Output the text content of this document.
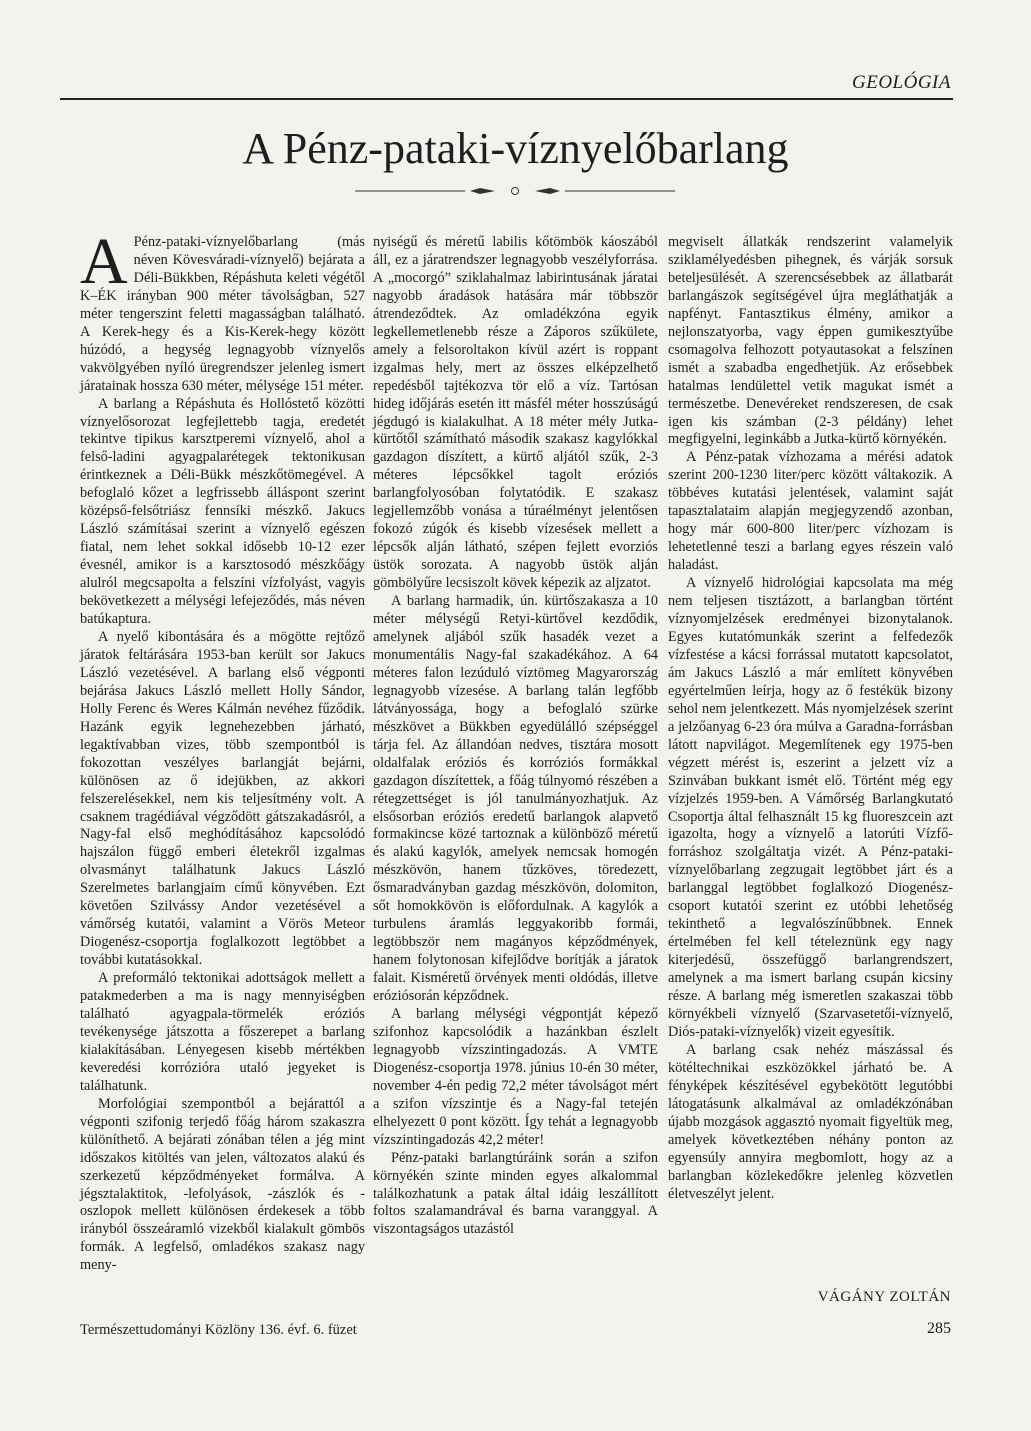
GEOLÓGIA
A Pénz-pataki-víznyelőbarlang

A Pénz-pataki-víznyelőbarlang (más néven Kövesváradi-víznyelő) bejárata a Déli-Bükkben, Répáshuta keleti végétől K–ÉK irányban 900 méter távolságban, 527 méter tengerszint feletti magasságban található. A Kerek-hegy és a Kis-Kerek-hegy között húzódó, a hegység legnagyobb víznyelős vakvölgyében nyíló üregrendszer jelenleg ismert járatainak hossza 630 méter, mélysége 151 méter.

A barlang a Répáshuta és Hollóstető közötti víznyelősorozat legfejlettebb tagja, eredetét tekintve tipikus karsztperemi víznyelő, ahol a felső-ladini agyagpalarétegek tektonikusan érintkeznek a Déli-Bükk mészkőtömegével. A befoglaló kőzet a legfrissebb álláspont szerint középső-felsőtriász fennsíki mészkő. Jakucs László számításai szerint a víznyelő egészen fiatal, nem lehet sokkal idősebb 10-12 ezer évesnél, amikor is a karsztosodó mészkőágy alulról megcsapolta a felszíni vízfolyást, vagyis bekövetkezett a mélységi lefejeződés, más néven batúkaptura.

A nyelő kibontására és a mögötte rejtőző járatok feltárására 1953-ban került sor Jakucs László vezetésével. A barlang első végponti bejárása Jakucs László mellett Holly Sándor, Holly Ferenc és Weres Kálmán nevéhez fűződik. Hazánk egyik legnehezebben járható, legaktívabban vizes, több szempontból is fokozottan veszélyes barlangját bejárni, különösen az ő idejükben, az akkori felszerelésekkel, nem kis teljesítmény volt. A csaknem tragédiával végződött gátszakadásról, a Nagy-fal első meghódításához kapcsolódó hajszálon függő emberi életekről izgalmas olvasmányt találhatunk Jakucs László Szerelmetes barlangjaim című könyvében. Ezt követően Szilvássy Andor vezetésével a vámőrség kutatói, valamint a Vörös Meteor Diogenész-csoportja foglalkozott legtöbbet a további kutatásokkal.

A preformáló tektonikai adottságok mellett a patakmederben a ma is nagy mennyiségben található agyagpala-törmelék eróziós tevékenysége játszotta a főszerepet a barlang kialakításában. Lényegesen kisebb mértékben keveredési korrózióra utaló jegyeket is találhatunk.

Morfológiai szempontból a bejárattól a végponti szifonig terjedő főág három szakaszra különíthető. A bejárati zónában télen a jég mint időszakos kitöltés van jelen, változatos alakú és szerkezetű képződményeket formálva. A jégsztalaktitok, -lefolyások, -zászlók és -oszlopok mellett különösen érdekesek a több irányból összeáramló vizekből kialakult gömbös formák. A legfelső, omladékos szakasz nagy meny-

nyiségű és méretű labilis kőtömbök káoszából áll, ez a járatrendszer legnagyobb veszélyforrása. A „mocorgó” sziklahalmaz labirintusának járatai nagyobb áradások hatására már többször átrendeződtek. Az omladékzóna egyik legkellemetlenebb része a Záporos szűkülete, amely a felsoroltakon kívül azért is roppant izgalmas hely, mert az összes elképzelhető repedésből tajtékozva tör elő a víz. Tartósan hideg időjárás esetén itt másfél méter hosszúságú jégdugó is kialakulhat. A 18 méter mély Jutka-kürtőtől számítható második szakasz kagylókkal gazdagon díszített, a kürtő aljától szűk, 2-3 méteres lépcsőkkel tagolt eróziós barlangfolyosóban folytatódik. E szakasz legjellemzőbb vonása a túraélményt jelentősen fokozó zúgók és kisebb vízesések mellett a lépcsők alján látható, szépen fejlett evorziós üstök sorozata. A nagyobb üstök alján gömbölyűre lecsiszolt kövek képezik az aljzatot.

A barlang harmadik, ún. kürtőszakasza a 10 méter mélységű Retyi-kürtővel kezdődik, amelynek aljából szűk hasadék vezet a monumentális Nagy-fal szakadékához. A 64 méteres falon lezúduló víztömeg Magyarország legnagyobb vízesése. A barlang talán legfőbb látványossága, hogy a befoglaló szürke mészkövet a Bükkben egyedülálló szépséggel tárja fel. Az állandóan nedves, tisztára mosott oldalfalak eróziós és korróziós formákkal gazdagon díszítettek, a főág túlnyomó részében a rétegzettséget is jól tanulmányozhatjuk. Az elsősorban eróziós eredetű barlangok alapvető formakincse közé tartoznak a különböző méretű és alakú kagylók, amelyek nemcsak homogén mészkövön, hanem tűzköves, töredezett, ősmaradványban gazdag mészkövön, dolomiton, sőt homokkövön is előfordulnak. A kagylók a turbulens áramlás leggyakoribb formái, legtöbbször nem magányos képződmények, hanem folytonosan kifejlődve borítják a járatok falait. Kisméretű örvények menti oldódás, illetve eróziósorán képződnek.

A barlang mélységi végpontját képező szifonhoz kapcsolódik a hazánkban észlelt legnagyobb vízszintingadozás. A VMTE Diogenész-csoportja 1978. június 10-én 30 méter, november 4-én pedig 72,2 méter távolságot mért a szifon vízszintje és a Nagy-fal tetején elhelyezett 0 pont között. Így tehát a legnagyobb vízszintingadozás 42,2 méter!

Pénz-pataki barlangtúráink során a szifon környékén szinte minden egyes alkalommal találkozhatunk a patak által idáig leszállított foltos szalamandrával és barna varanggyal. A viszontagságos utazástól

megviselt állatkák rendszerint valamelyik sziklamélyedésben pihegnek, és várják sorsuk beteljesülését. A szerencsésebbek az állatbarát barlangászok segítségével újra megláthatják a napfényt. Fantasztikus élmény, amikor a nejlonszatyorba, vagy éppen gumikesztyűbe csomagolva felhozott potyautasokat a felszínen ismét a szabadba engedhetjük. Az erősebbek hatalmas lendülettel vetik magukat ismét a természetbe. Denevéreket rendszeresen, de csak igen kis számban (2-3 példány) lehet megfigyelni, leginkább a Jutka-kürtő környékén.

A Pénz-patak vízhozama a mérési adatok szerint 200-1230 liter/perc között váltakozik. A többéves kutatási jelentések, valamint saját tapasztalataim alapján megjegyzendő azonban, hogy már 600-800 liter/perc vízhozam is lehetetlenné teszi a barlang egyes részein való haladást.

A víznyelő hidrológiai kapcsolata ma még nem teljesen tisztázott, a barlangban történt víznyomjelzések eredményei bizonytalanok. Egyes kutatómunkák szerint a felfedezők vízfestése a kácsi forrással mutatott kapcsolatot, ám Jakucs László a már említett könyvében egyértelműen leírja, hogy az ő festékük bizony sehol nem jelentkezett. Más nyomjelzések szerint a jelzőanyag 6-23 óra múlva a Garadna-forrásban látott napvilágot. Megemlítenek egy 1975-ben végzett mérést is, eszerint a jelzett víz a Szinvában bukkant ismét elő. Történt még egy vízjelzés 1959-ben. A Vámőrség Barlangkutató Csoportja által felhasznált 15 kg fluoreszcein azt igazolta, hogy a víznyelő a latorúti Vízfő-forráshoz szolgáltatja vizét. A Pénz-pataki-víznyelőbarlang zegzugait legtöbbet járt és a barlanggal legtöbbet foglalkozó Diogenész-csoport kutatói szerint ez utóbbi lehetőség tekinthető a legvalószínűbbnek. Ennek értelmében fel kell tételeznünk egy nagy kiterjedésű, összefüggő barlangrendszert, amelynek a ma ismert barlang csupán kicsiny része. A barlang még ismeretlen szakaszai több környékbeli víznyelő (Szarvasetetői-víznyelő, Diós-pataki-víznyelők) vizeit egyesítik.

A barlang csak nehéz mászással és kötéltechnikai eszközökkel járható be. A fényképek készítésével egybekötött legutóbbi látogatásunk alkalmával az omladékzónában újabb mozgások aggasztó nyomait figyeltük meg, amelyek következtében néhány ponton az egyensúly annyira megbomlott, hogy az a barlangban közlekedőkre jelenleg közvetlen életveszélyt jelent.

VÁGÁNY ZOLTÁN
Természettudományi Közlöny 136. évf. 6. füzet	285
